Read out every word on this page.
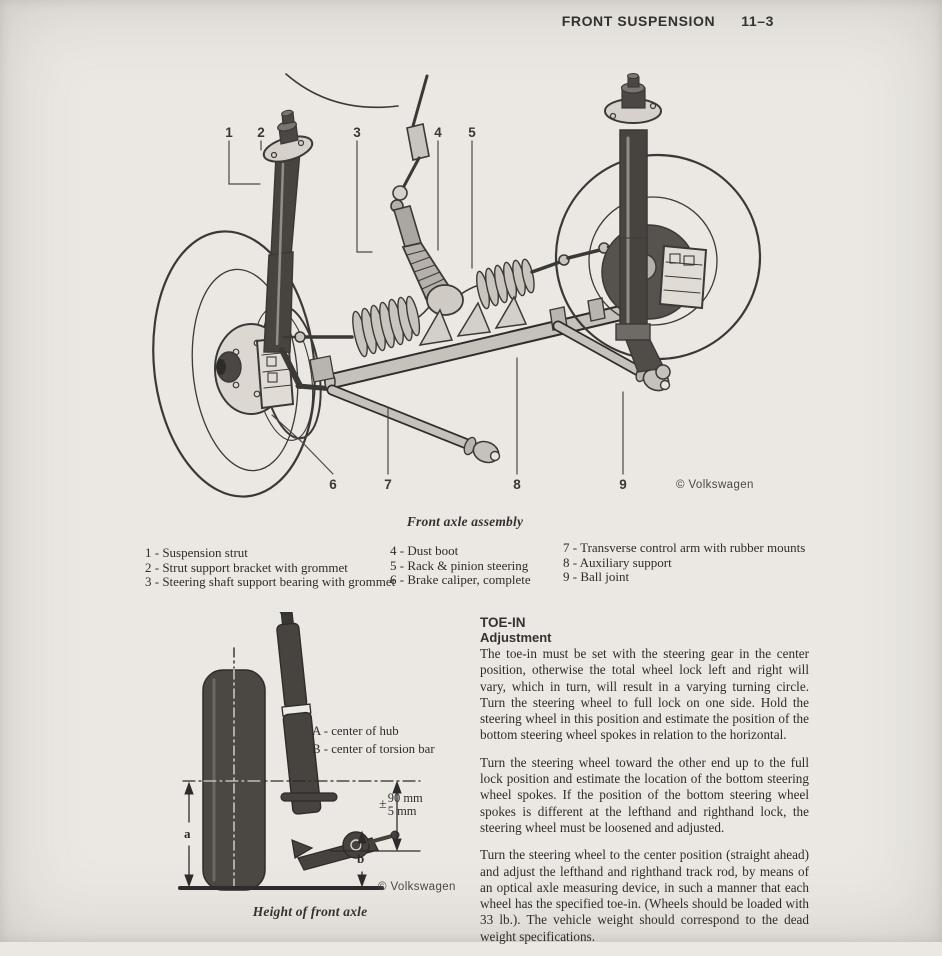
FRONT SUSPENSION 11–3
1	2	3	4	5
6	7	8	9	© Volkswagen
Front axle assembly
1 - Suspension strut
2 - Strut support bracket with grommet
3 - Steering shaft support bearing with grommet
4 - Dust boot
5 - Rack & pinion steering
6 - Brake caliper, complete
7 - Transverse control arm with rubber mounts
8 - Auxiliary support
9 - Ball joint
TOE-IN
Adjustment

The toe-in must be set with the steering gear in the center position, otherwise the total wheel lock left and right will vary, which in turn, will result in a varying turning circle. Turn the steering wheel to full lock on one side. Hold the steering wheel in this position and estimate the position of the bottom steering wheel spokes in relation to the horizontal.

Turn the steering wheel toward the other end up to the full lock position and estimate the location of the bottom steering wheel spokes. If the position of the bottom steering wheel spokes is different at the lefthand and righthand lock, the steering wheel must be loosened and adjusted.

Turn the steering wheel to the center position (straight ahead) and adjust the lefthand and righthand track rod, by means of an optical axle measuring device, in such a manner that each wheel has the specified toe-in. (Wheels should be loaded with 33 lb.). The vehicle weight should correspond to the dead weight specifications.

A - center of hub
B - center of torsion bar
± 90 mm
5 mm
a
b
© Volkswagen
Height of front axle
